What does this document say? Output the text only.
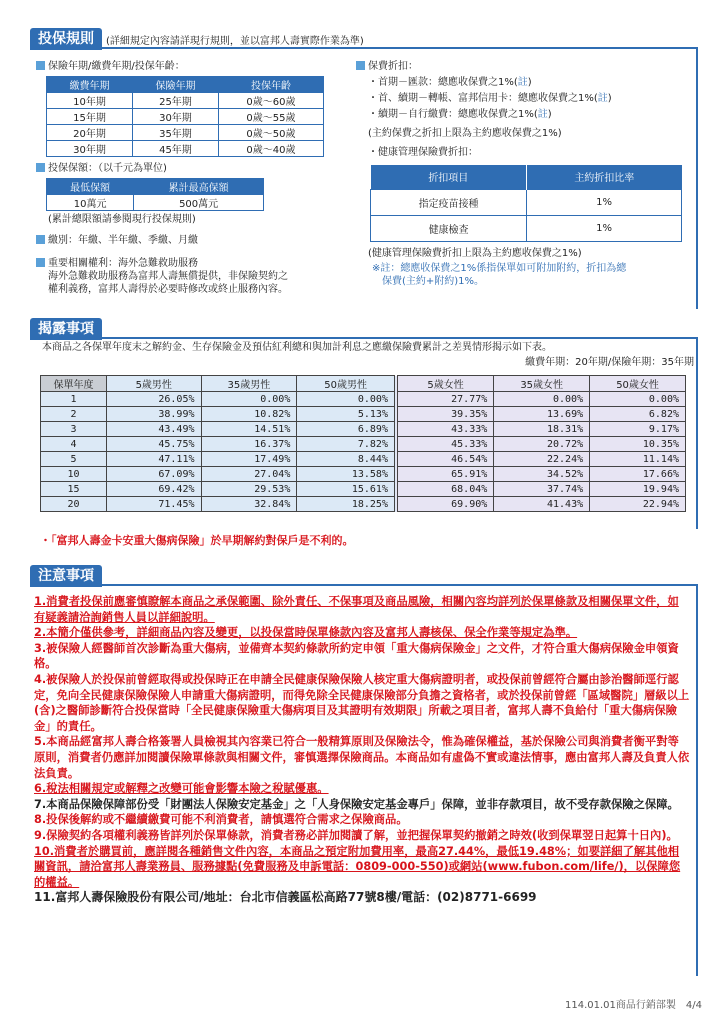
投保規則	(詳細規定內容請詳現行規則，並以富邦人壽實際作業為準)
保險年期/繳費年期/投保年齡：
繳費年期	保險年期	投保年齡
10年期	25年期	0歲～60歲
15年期	30年期	0歲～55歲
20年期	35年期	0歲～50歲
30年期	45年期	0歲～40歲
投保保額：（以千元為單位)
最低保額	累計最高保額
10萬元	500萬元
(累計總限額請參閱現行投保規則)
繳別：年繳、半年繳、季繳、月繳
重要相關權利：海外急難救助服務
海外急難救助服務為富邦人壽無償提供，非保險契約之
權利義務，富邦人壽得於必要時修改或終止服務內容。
保費折扣：
・首期－匯款：總應收保費之1%(註)
・首、續期－轉帳、富邦信用卡：總應收保費之1%(註)
・續期－自行繳費：總應收保費之1%(註)
(主約保費之折扣上限為主約應收保費之1%)
・健康管理保險費折扣：
折扣項目	主約折扣比率
指定疫苗接種	1%
健康檢查	1%
(健康管理保險費折扣上限為主約應收保費之1%)
※註：總應收保費之1%係指保單如可附加附約，折扣為總
保費(主約+附約)1%。
揭露事項
本商品之各保單年度末之解約金、生存保險金及預估紅利總和與加計利息之應繳保險費累計之差異情形揭示如下表。
繳費年期：20年期/保險年期：35年期
保單年度	5歲男性	35歲男性	50歲男性	5歲女性	35歲女性	50歲女性
1	26.05%	0.00%	0.00%	27.77%	0.00%	0.00%
2	38.99%	10.82%	5.13%	39.35%	13.69%	6.82%
3	43.49%	14.51%	6.89%	43.33%	18.31%	9.17%
4	45.75%	16.37%	7.82%	45.33%	20.72%	10.35%
5	47.11%	17.49%	8.44%	46.54%	22.24%	11.14%
10	67.09%	27.04%	13.58%	65.91%	34.52%	17.66%
15	69.42%	29.53%	15.61%	68.04%	37.74%	19.94%
20	71.45%	32.84%	18.25%	69.90%	41.43%	22.94%
・「富邦人壽金卡安重大傷病保險」於早期解約對保戶是不利的。
注意事項

1.消費者投保前應審慎瞭解本商品之承保範圍、除外責任、不保事項及商品風險，相關內容均詳列於保單條款及相關保單文件，如有疑義請洽詢銷售人員以詳細說明。

2.本簡介僅供參考，詳細商品內容及變更，以投保當時保單條款內容及富邦人壽核保、保全作業等規定為準。

3.被保險人經醫師首次診斷為重大傷病，並備齊本契約條款所約定申領「重大傷病保險金」之文件，才符合重大傷病保險金申領資格。

4.被保險人於投保前曾經取得或投保時正在申請全民健康保險保險人核定重大傷病證明者，或投保前曾經符合屬由診治醫師逕行認定，免向全民健康保險保險人申請重大傷病證明，而得免除全民健康保險部分負擔之資格者，或於投保前曾經「區域醫院」層級以上(含)之醫師診斷符合投保當時「全民健康保險重大傷病項目及其證明有效期限」所載之項目者，富邦人壽不負給付「重大傷病保險金」的責任。

5.本商品經富邦人壽合格簽署人員檢視其內容業已符合一般精算原則及保險法令，惟為確保權益，基於保險公司與消費者衡平對等原則，消費者仍應詳加閱讀保險單條款與相關文件，審慎選擇保險商品。本商品如有虛偽不實或違法情事，應由富邦人壽及負責人依法負責。

6.稅法相關規定或解釋之改變可能會影響本險之稅賦優惠。

7.本商品保險保障部份受「財團法人保險安定基金」之「人身保險安定基金專戶」保障，並非存款項目，故不受存款保險之保障。

8.投保後解約或不繼續繳費可能不利消費者，請慎選符合需求之保險商品。

9.保險契約各項權利義務皆詳列於保單條款，消費者務必詳加閱讀了解，並把握保單契約撤銷之時效(收到保單翌日起算十日內)。

10.消費者於購買前，應詳閱各種銷售文件內容，本商品之預定附加費用率，最高27.44%，最低19.48%；如要詳細了解其他相關資訊，請洽富邦人壽業務員、服務據點(免費服務及申訴電話：0809-000-550)或網站(www.fubon.com/life/)，以保障您的權益。

11.富邦人壽保險股份有限公司/地址：台北市信義區松高路77號8樓/電話：(02)8771-6699

114.01.01商品行銷部製　4/4
